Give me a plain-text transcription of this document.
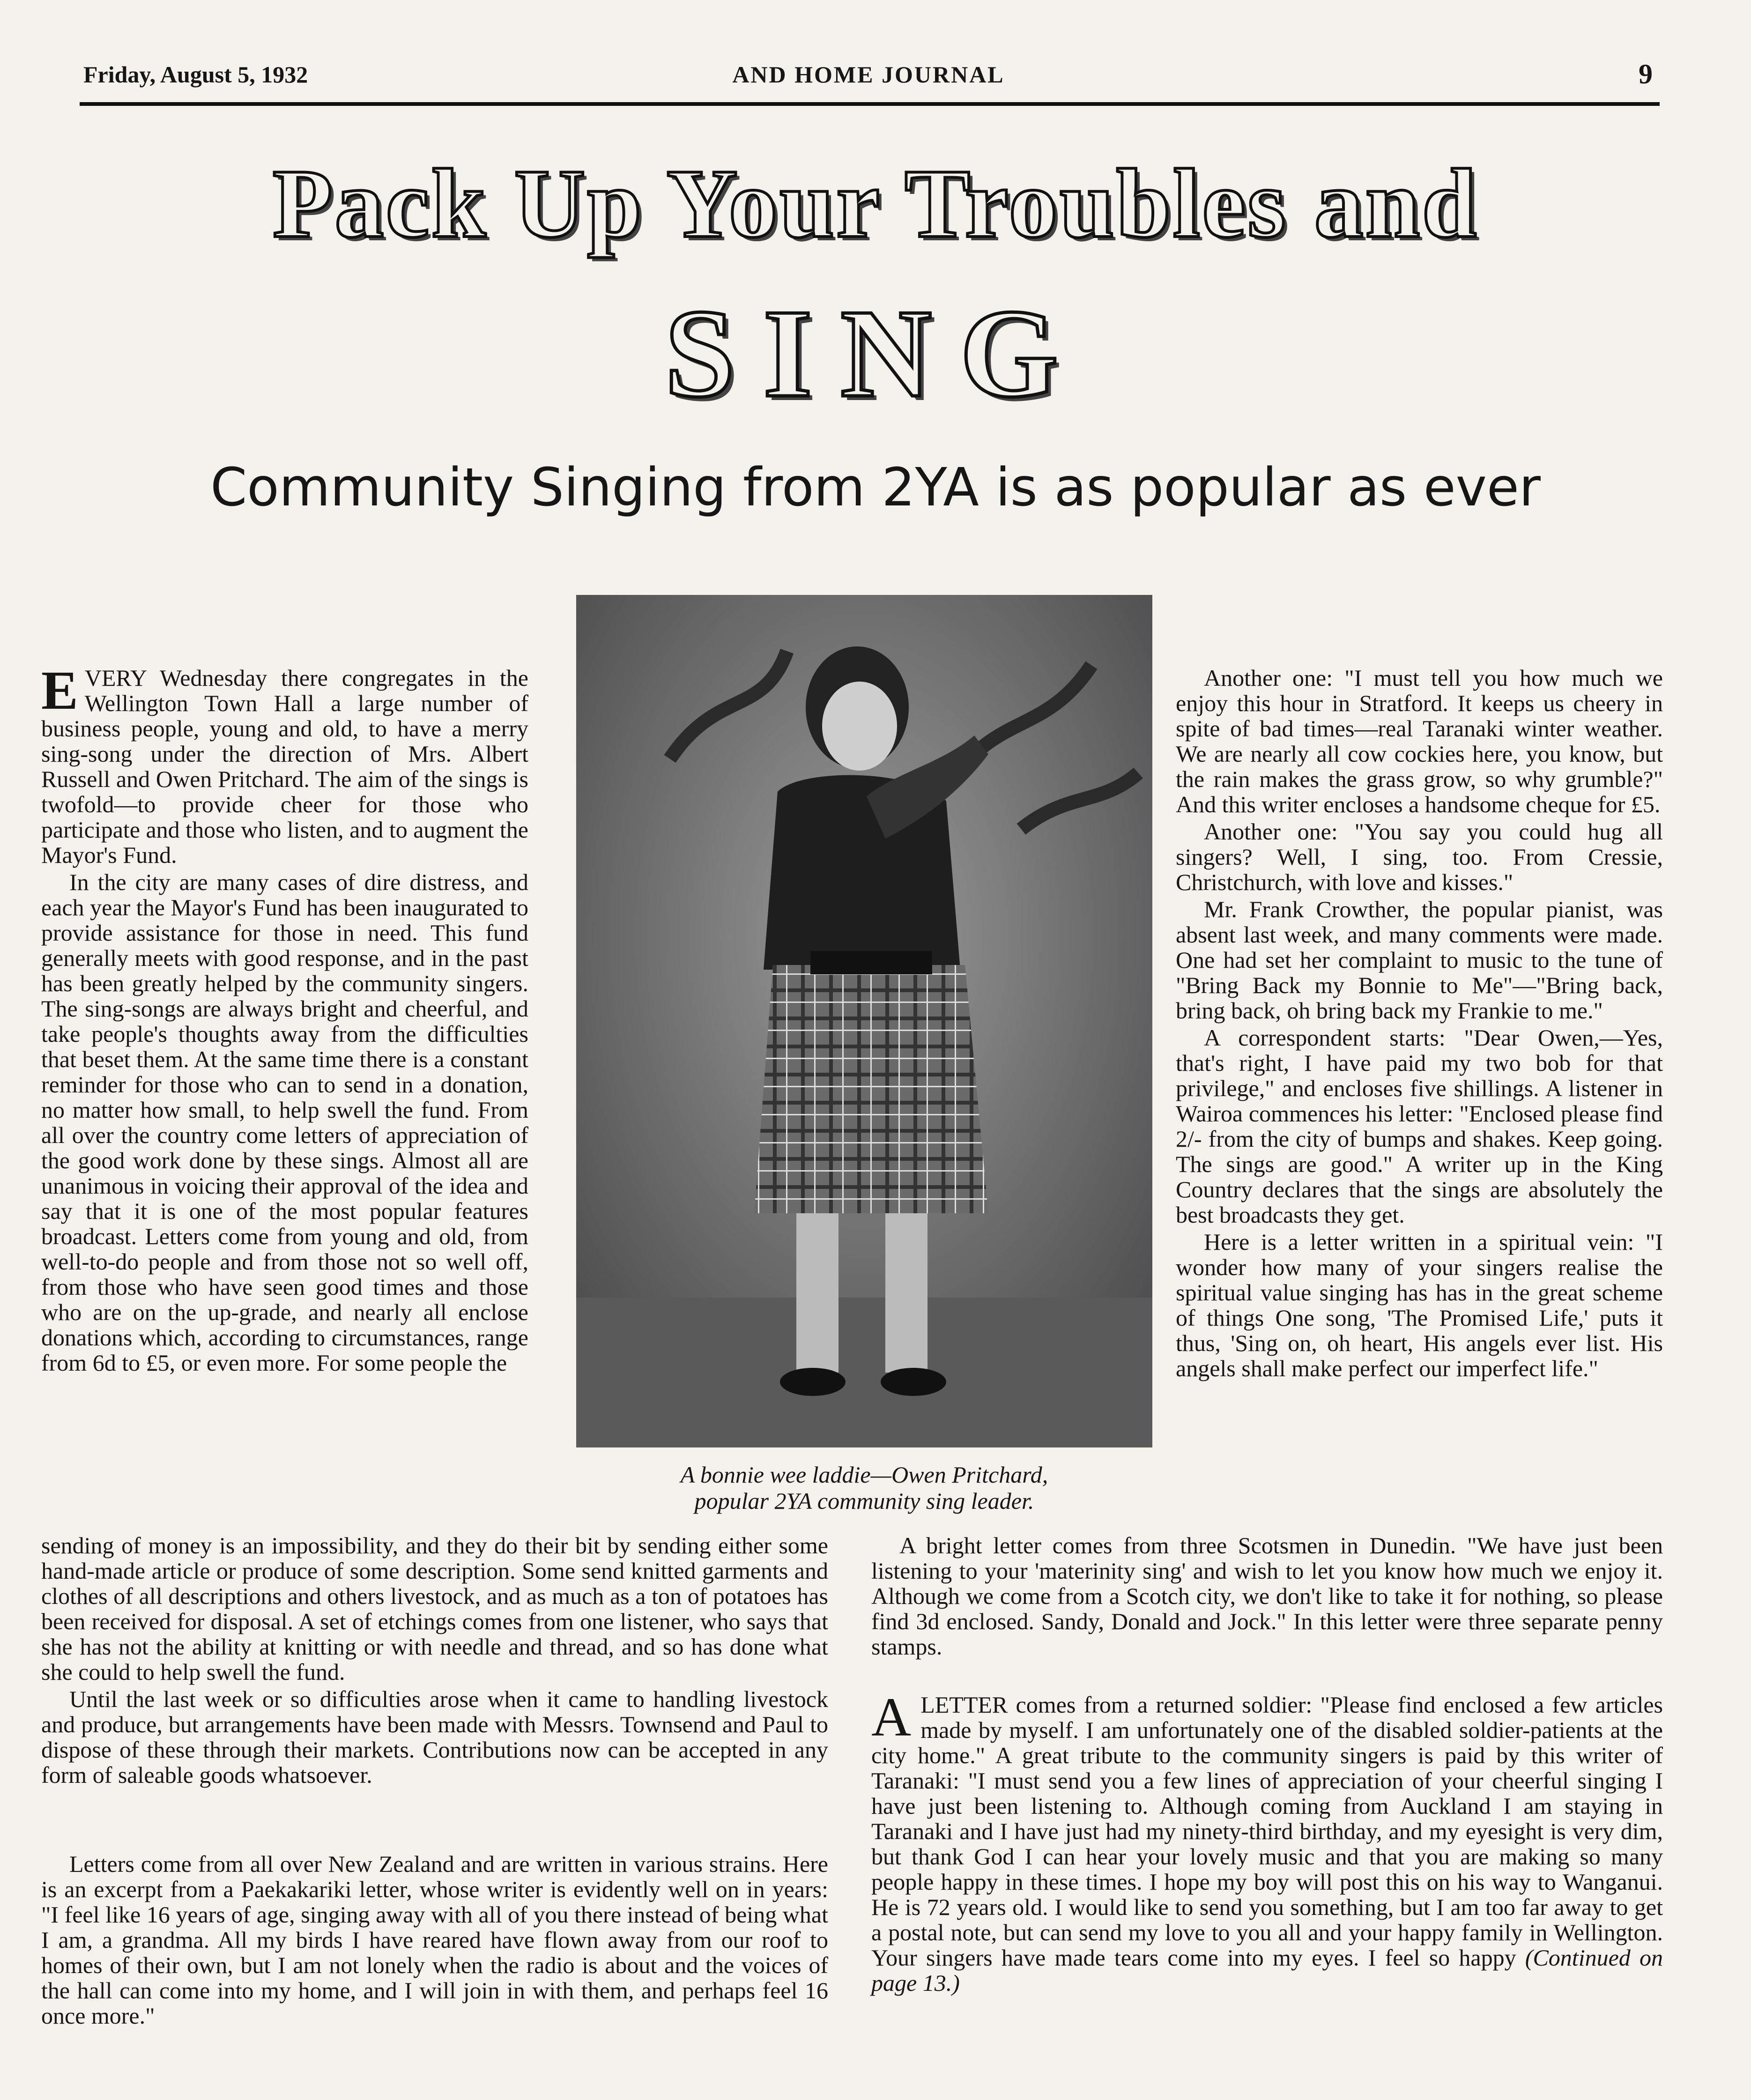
Friday, August 5, 1932	AND HOME JOURNAL	9
Pack Up Your Troubles and
SING
Community Singing from 2YA is as popular as ever

EVERY Wednesday there congregates in the Wellington Town Hall a large number of business people, young and old, to have a merry sing-song under the direction of Mrs. Albert Russell and Owen Pritchard. The aim of the sings is twofold—to provide cheer for those who participate and those who listen, and to augment the Mayor's Fund.

In the city are many cases of dire distress, and each year the Mayor's Fund has been inaugurated to provide assistance for those in need. This fund generally meets with good response, and in the past has been greatly helped by the community singers. The sing-songs are always bright and cheerful, and take people's thoughts away from the difficulties that beset them. At the same time there is a constant reminder for those who can to send in a donation, no matter how small, to help swell the fund. From all over the country come letters of appreciation of the good work done by these sings. Almost all are unanimous in voicing their approval of the idea and say that it is one of the most popular features broadcast. Letters come from young and old, from well-to-do people and from those not so well off, from those who have seen good times and those who are on the up-grade, and nearly all enclose donations which, according to circumstances, range from 6d to £5, or even more. For some people the

A bonnie wee laddie—Owen Pritchard,
popular 2YA community sing leader.

Another one: "I must tell you how much we enjoy this hour in Stratford. It keeps us cheery in spite of bad times—real Taranaki winter weather. We are nearly all cow cockies here, you know, but the rain makes the grass grow, so why grumble?" And this writer encloses a handsome cheque for £5.

Another one: "You say you could hug all singers? Well, I sing, too. From Cressie, Christchurch, with love and kisses."

Mr. Frank Crowther, the popular pianist, was absent last week, and many comments were made. One had set her complaint to music to the tune of "Bring Back my Bonnie to Me"—"Bring back, bring back, oh bring back my Frankie to me."

A correspondent starts: "Dear Owen,—Yes, that's right, I have paid my two bob for that privilege," and encloses five shillings. A listener in Wairoa commences his letter: "Enclosed please find 2/- from the city of bumps and shakes. Keep going. The sings are good." A writer up in the King Country declares that the sings are absolutely the best broadcasts they get.

Here is a letter written in a spiritual vein: "I wonder how many of your singers realise the spiritual value singing has has in the great scheme of things One song, 'The Promised Life,' puts it thus, 'Sing on, oh heart, His angels ever list. His angels shall make perfect our imperfect life."

sending of money is an impossibility, and they do their bit by sending either some hand-made article or produce of some description. Some send knitted garments and clothes of all descriptions and others livestock, and as much as a ton of potatoes has been received for disposal. A set of etchings comes from one listener, who says that she has not the ability at knitting or with needle and thread, and so has done what she could to help swell the fund.

Until the last week or so difficulties arose when it came to handling livestock and produce, but arrangements have been made with Messrs. Townsend and Paul to dispose of these through their markets. Contributions now can be accepted in any form of saleable goods whatsoever.

A bright letter comes from three Scotsmen in Dunedin. "We have just been listening to your 'materinity sing' and wish to let you know how much we enjoy it. Although we come from a Scotch city, we don't like to take it for nothing, so please find 3d enclosed. Sandy, Donald and Jock." In this letter were three separate penny stamps.

Letters come from all over New Zealand and are written in various strains. Here is an excerpt from a Paekakariki letter, whose writer is evidently well on in years: "I feel like 16 years of age, singing away with all of you there instead of being what I am, a grandma. All my birds I have reared have flown away from our roof to homes of their own, but I am not lonely when the radio is about and the voices of the hall can come into my home, and I will join in with them, and perhaps feel 16 once more."

ALETTER comes from a returned soldier: "Please find enclosed a few articles made by myself. I am unfortunately one of the disabled soldier-patients at the city home." A great tribute to the community singers is paid by this writer of Taranaki: "I must send you a few lines of appreciation of your cheerful singing I have just been listening to. Although coming from Auckland I am staying in Taranaki and I have just had my ninety-third birthday, and my eyesight is very dim, but thank God I can hear your lovely music and that you are making so many people happy in these times. I hope my boy will post this on his way to Wanganui. He is 72 years old. I would like to send you something, but I am too far away to get a postal note, but can send my love to you all and your happy family in Wellington. Your singers have made tears come into my eyes. I feel so happy (Continued on page 13.)
